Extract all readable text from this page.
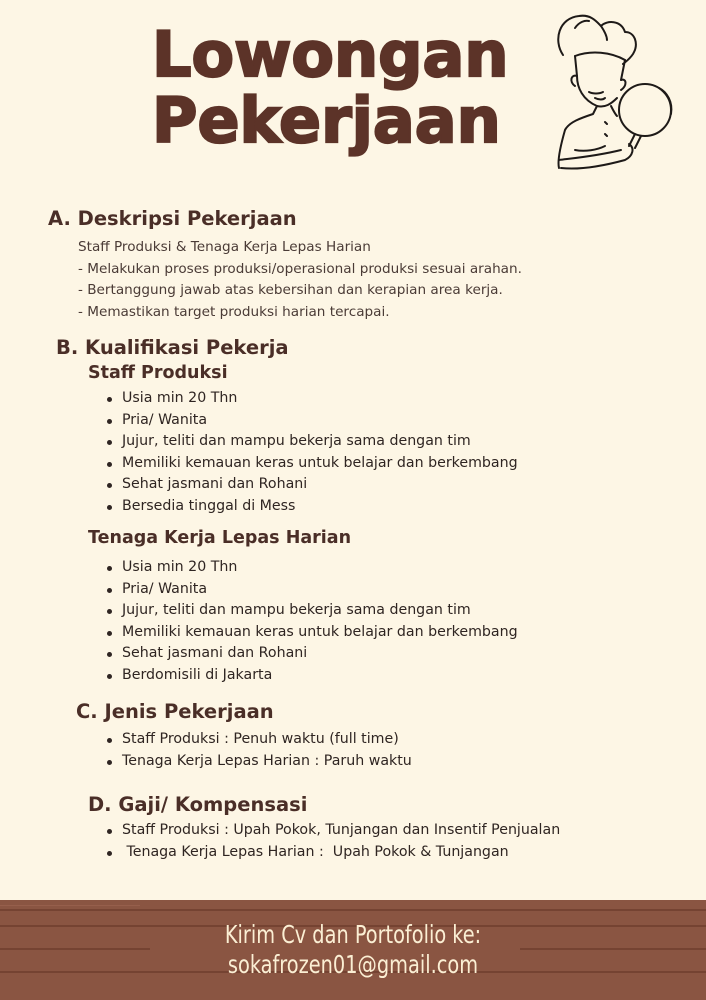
Lowongan
Pekerjaan
A. Deskripsi Pekerjaan
Staff Produksi & Tenaga Kerja Lepas Harian
- Melakukan proses produksi/operasional produksi sesuai arahan.
- Bertanggung jawab atas kebersihan dan kerapian area kerja.
- Memastikan target produksi harian tercapai.
B. Kualifikasi Pekerja
Staff Produksi
Usia min 20 Thn
Pria/ Wanita
Jujur, teliti dan mampu bekerja sama dengan tim
Memiliki kemauan keras untuk belajar dan berkembang
Sehat jasmani dan Rohani
Bersedia tinggal di Mess
Tenaga Kerja Lepas Harian
Usia min 20 Thn
Pria/ Wanita
Jujur, teliti dan mampu bekerja sama dengan tim
Memiliki kemauan keras untuk belajar dan berkembang
Sehat jasmani dan Rohani
Berdomisili di Jakarta
C. Jenis Pekerjaan
Staff Produksi : Penuh waktu (full time)
Tenaga Kerja Lepas Harian : Paruh waktu
D. Gaji/ Kompensasi
Staff Produksi : Upah Pokok, Tunjangan dan Insentif Penjualan
Tenaga Kerja Lepas Harian :  Upah Pokok & Tunjangan
Kirim Cv dan Portofolio ke:
sokafrozen01@gmail.com
